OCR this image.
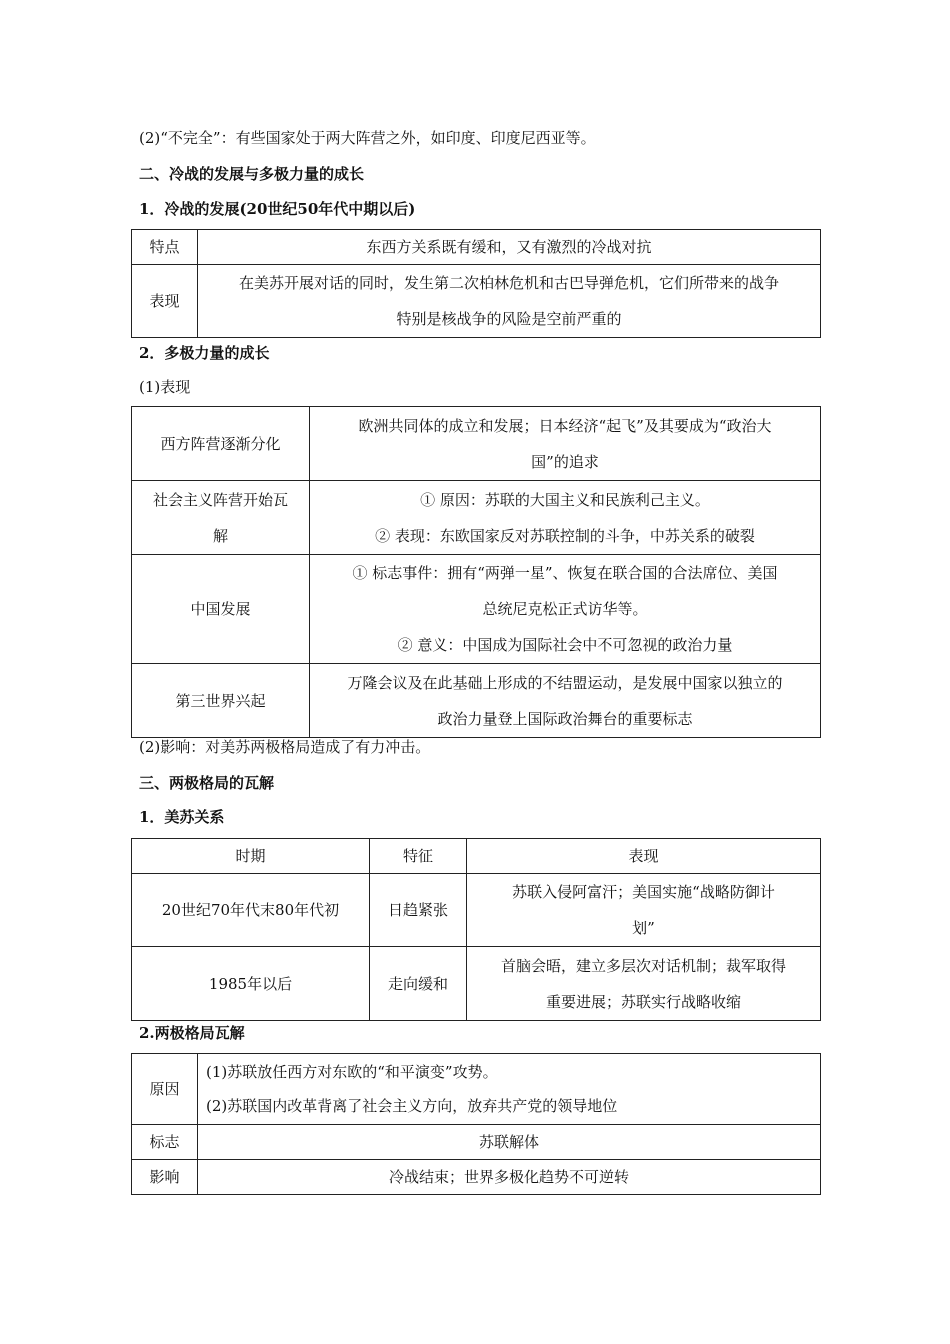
(2)“不完全”：有些国家处于两大阵营之外，如印度、印度尼西亚等。
二、冷战的发展与多极力量的成长
1．冷战的发展(20世纪50年代中期以后)
特点	东西方关系既有缓和，又有激烈的冷战对抗

表现	在美苏开展对话的同时，发生第二次柏林危机和古巴导弹危机，它们所带来的战争
特别是核战争的风险是空前严重的
2．多极力量的成长
(1)表现
西方阵营逐渐分化	欧洲共同体的成立和发展；日本经济“起飞”及其要成为“政治大
国”的追求

社会主义阵营开始瓦
解	① 原因：苏联的大国主义和民族利己主义。
② 表现：东欧国家反对苏联控制的斗争，中苏关系的破裂

中国发展	① 标志事件：拥有“两弹一星”、恢复在联合国的合法席位、美国
总统尼克松正式访华等。
② 意义：中国成为国际社会中不可忽视的政治力量

第三世界兴起	万隆会议及在此基础上形成的不结盟运动，是发展中国家以独立的
政治力量登上国际政治舞台的重要标志
(2)影响：对美苏两极格局造成了有力冲击。
三、两极格局的瓦解
1．美苏关系
时期	特征	表现
20世纪70年代末80年代初	日趋紧张	苏联入侵阿富汗；美国实施“战略防御计
划”

1985年以后	走向缓和	首脑会晤，建立多层次对话机制；裁军取得
重要进展；苏联实行战略收缩
2.两极格局瓦解
原因	(1)苏联放任西方对东欧的“和平演变”攻势。
(2)苏联国内改革背离了社会主义方向，放弃共产党的领导地位

标志	苏联解体

影响	冷战结束；世界多极化趋势不可逆转
